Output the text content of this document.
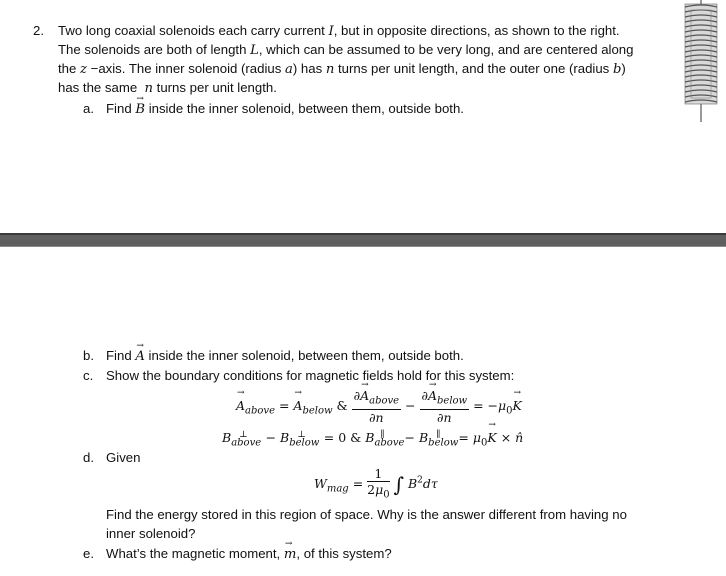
2. Two long coaxial solenoids each carry current I, but in opposite directions, as shown to the right.
The solenoids are both of length L, which can be assumed to be very long, and are centered along
the z −axis. The inner solenoid (radius a) has n turns per unit length, and the outer one (radius b)
has the same  n turns per unit length.
a. Find → B inside the inner solenoid, between them, outside both.
b. Find → A inside the inner solenoid, between them, outside both.
c. Show the boundary conditions for magnetic fields hold for this system:
→ $A_{above}$ = → $A_{below}$ & $\frac{\partial\to A_{above}}{\partial n} - \frac{\partial\to A_{below}}{\partial n} = -\mu_0\to K$
$B_{above}^\perp - B_{below}^\perp = 0$ & $B_{above}^\parallel - B_{below}^\parallel = \mu_0\to K$ × n̂
d. Given
$W_{mag} = \frac{1}{2\mu_0}$ ∫ $B^2d\tau$
Find the energy stored in this region of space. Why is the answer different from having no
inner solenoid?
e. What’s the magnetic moment, → m, of this system?
